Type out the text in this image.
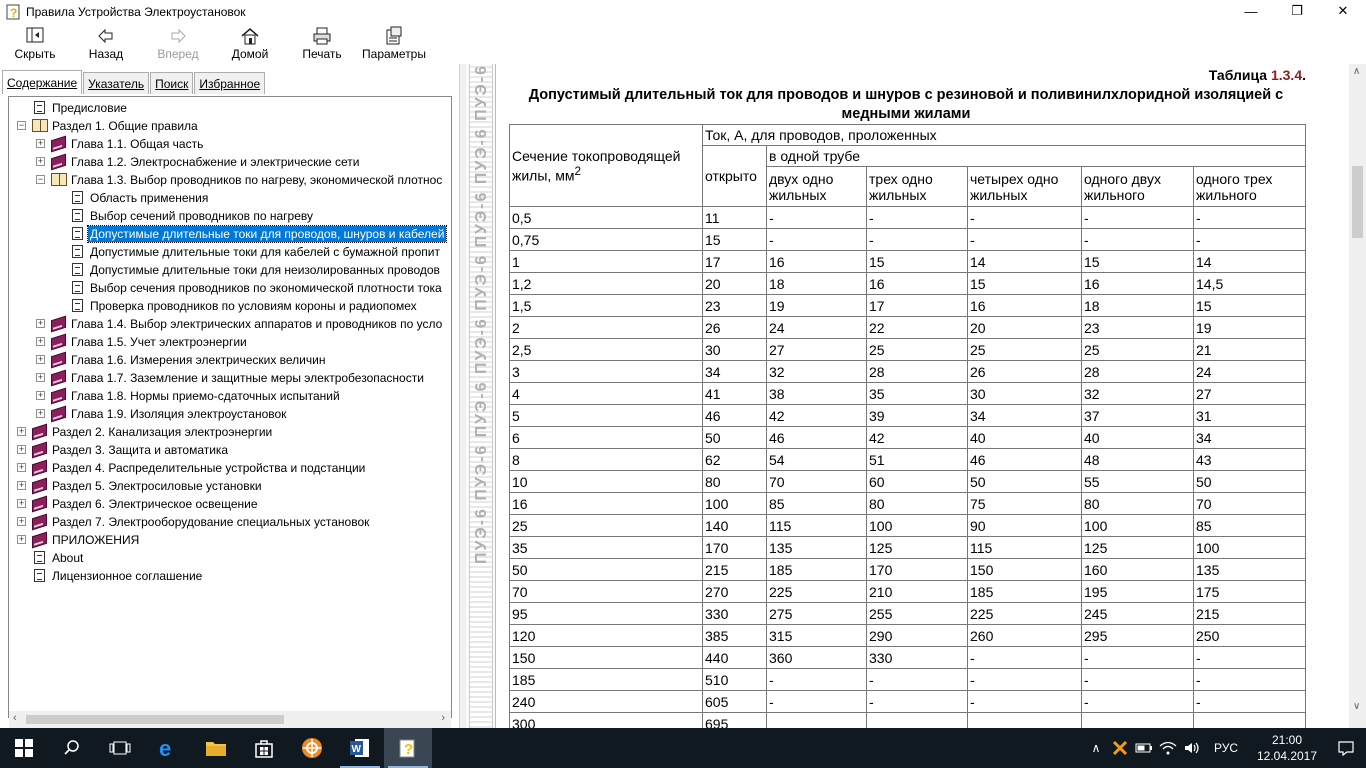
? Правила Устройства Электроустановок	—	❐	✕
Скрыть	Назад	Вперед	Домой	Печать Параметры
Содержание Указатель Поиск Избранное
Предисловие
− Раздел 1. Общие правила
+ Глава 1.1. Общая часть
+ Глава 1.2. Электроснабжение и электрические сети
− Глава 1.3. Выбор проводников по нагреву, экономической плотнос
Область применения
Выбор сечений проводников по нагреву
Допустимые длительные токи для проводов, шнуров и кабелей
Допустимые длительные токи для кабелей с бумажной пропит
Допустимые длительные токи для неизолированных проводов
Выбор сечения проводников по экономической плотности тока
Проверка проводников по условиям короны и радиопомех
+ Глава 1.4. Выбор электрических аппаратов и проводников по усло
+ Глава 1.5. Учет электроэнергии
+ Глава 1.6. Измерения электрических величин
+ Глава 1.7. Заземление и защитные меры электробезопасности
+ Глава 1.8. Нормы приемо-сдаточных испытаний
+ Глава 1.9. Изоляция электроустановок
+ Раздел 2. Канализация электроэнергии
+ Раздел 3. Защита и автоматика
+ Раздел 4. Распределительные устройства и подстанции
+ Раздел 5. Электросиловые установки
+ Раздел 6. Электрическое освещение
+ Раздел 7. Электрооборудование специальных установок
+ ПРИЛОЖЕНИЯ
About
Лицензионное соглашение
‹	›
ПУЭ-6 ПУЭ-6 ПУЭ-6 ПУЭ-6 ПУЭ-6 ПУЭ-6 ПУЭ-6 ПУЭ-6	Таблица 1.3.4.
Допустимый длительный ток для проводов и шнуров с резиновой и поливинилхлоридной изоляцией с медными жилами
Сечение токопроводящей жилы, $мм^2$	Ток, А, для проводов, проложенных					
	открыто	в одной трубе				
		двух одно жильных	трех одно жильных	четырех одно жильных	одного двух жильного	одного трех жильного
0,5	11	-	-	-	-	-
0,75	15	-	-	-	-	-
1	17	16	15	14	15	14
1,2	20	18	16	15	16	14,5
1,5	23	19	17	16	18	15
2	26	24	22	20	23	19
2,5	30	27	25	25	25	21
3	34	32	28	26	28	24
4	41	38	35	30	32	27
5	46	42	39	34	37	31
6	50	46	42	40	40	34
8	62	54	51	46	48	43
10	80	70	60	50	55	50
16	100	85	80	75	80	70
25	140	115	100	90	100	85
35	170	135	125	115	125	100
50	215	185	170	150	160	135
70	270	225	210	185	195	175
95	330	275	255	225	245	215
120	385	315	290	260	295	250
150	440	360	330	-	-	-
185	510	-	-	-	-	-
240	605	-	-	-	-	-
300	695					
∧
∨
e	W	?	∧	РУС
21:00
12.04.2017
